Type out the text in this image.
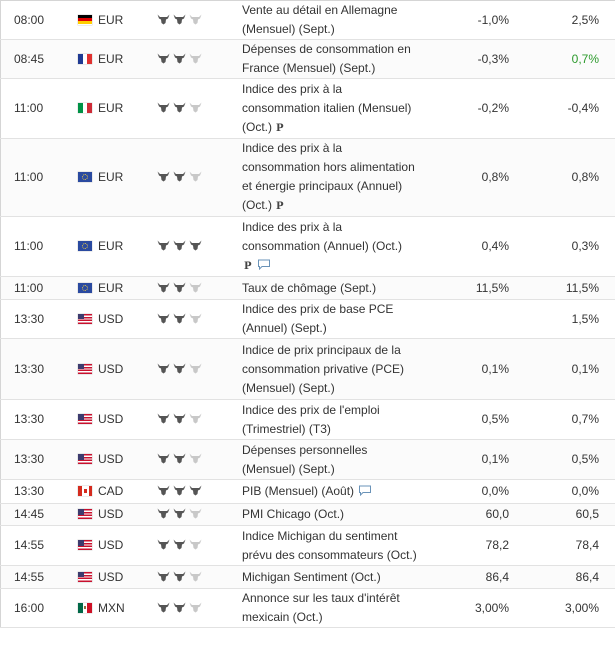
08:00	EUR		Vente au détail en Allemagne
(Mensuel) (Sept.)	-1,0%	2,5%
08:45	EUR		Dépenses de consommation en
France (Mensuel) (Sept.)	-0,3%	0,7%
11:00	EUR		Indice des prix à la
consommation italien (Mensuel)
(Oct.) P	-0,2%	-0,4%
11:00	EUR		Indice des prix à la
consommation hors alimentation
et énergie principaux (Annuel)
(Oct.) P	0,8%	0,8%
11:00	EUR		Indice des prix à la
consommation (Annuel) (Oct.)

P	0,4%	0,3%
11:00	EUR		Taux de chômage (Sept.)	11,5%	11,5%
13:30	USD		Indice des prix de base PCE
(Annuel) (Sept.)		1,5%
13:30	USD		Indice de prix principaux de la
consommation privative (PCE)
(Mensuel) (Sept.)	0,1%	0,1%
13:30	USD		Indice des prix de l'emploi
(Trimestriel) (T3)	0,5%	0,7%
13:30	USD		Dépenses personnelles
(Mensuel) (Sept.)	0,1%	0,5%
13:30	CAD		PIB (Mensuel) (Août)	0,0%	0,0%
14:45	USD		PMI Chicago (Oct.)	60,0	60,5
14:55	USD		Indice Michigan du sentiment
prévu des consommateurs (Oct.)	78,2	78,4
14:55	USD		Michigan Sentiment (Oct.)	86,4	86,4
16:00	MXN		Annonce sur les taux d'intérêt
mexicain (Oct.)	3,00%	3,00%
